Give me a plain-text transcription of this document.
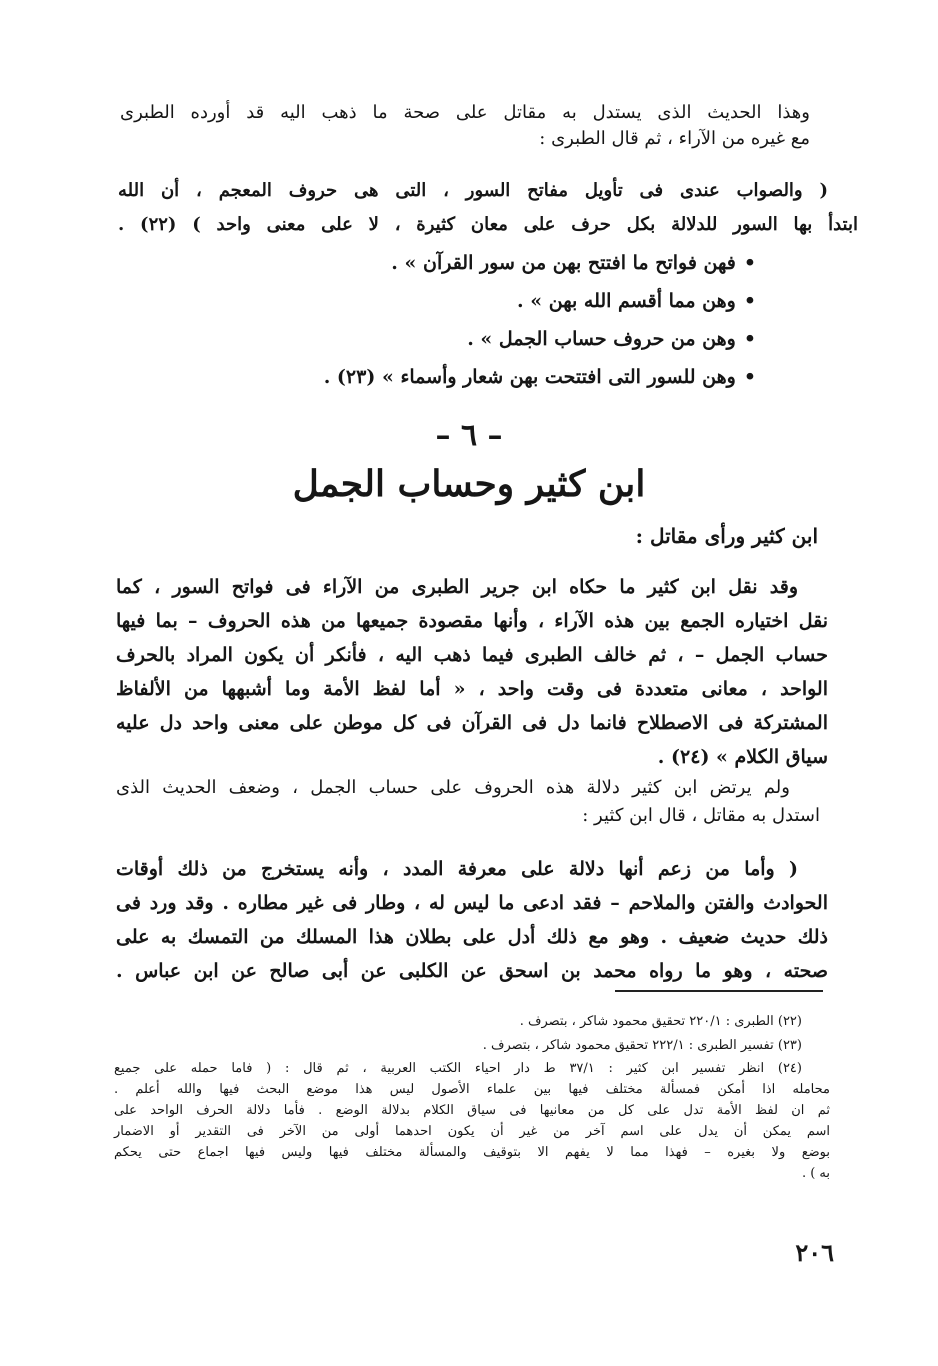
وهذا الحديث الذى يستدل به مقاتل على صحة ما ذهب اليه قد أورده الطبرى
مع غيره من الآراء ، ثم قال الطبرى :
( والصواب عندى فى تأويل مفاتح السور ، التى هى حروف المعجم ، أن الله
ابتدأ بها السور للدلالة بكل حرف على معان كثيرة ، لا على معنى واحد ) (٢٢) .
•فهن فواتح ما افتتح بهن من سور القرآن » .
•وهن مما أقسم الله بهن » .
•وهن من حروف حساب الجمل » .
•وهن للسور التى افتتحت بهن شعار وأسماء » (٢٣) .
– ٦ –
ابن كثير وحساب الجمل
ابن كثير ورأى مقاتل :
وقد نقل ابن كثير ما حكاه ابن جرير الطبرى من الآراء فى فواتح السور ، كما
نقل اختياره الجمع بين هذه الآراء ، وأنها مقصودة جميعها من هذه الحروف – بما فيها
حساب الجمل – ، ثم خالف الطبرى فيما ذهب اليه ، فأنكر أن يكون المراد بالحرف
الواحد ، معانى متعددة فى وقت واحد ، « أما لفظ الأمة وما أشبهها من الألفاظ
المشتركة فى الاصطلاح فانما دل فى القرآن فى كل موطن على معنى واحد دل عليه
سياق الكلام » (٢٤) .
ولم يرتض ابن كثير دلالة هذه الحروف على حساب الجمل ، وضعف الحديث الذى
استدل به مقاتل ، قال ابن كثير :
( وأما من زعم أنها دلالة على معرفة المدد ، وأنه يستخرج من ذلك أوقات
الحوادث والفتن والملاحم – فقد ادعى ما ليس له ، وطار فى غير مطاره . وقد ورد فى
ذلك حديث ضعيف . وهو مع ذلك أدل على بطلان هذا المسلك من التمسك به على
صحته ، وهو ما رواه محمد بن اسحق عن الكلبى عن أبى صالح عن ابن عباس .
(٢٢) الطبرى : ٢٢٠/١ تحقيق محمود شاكر ، بتصرف .
(٢٣) تفسير الطبرى : ٢٢٢/١ تحقيق محمود شاكر ، بتصرف .
(٢٤) انظر تفسير ابن كثير : ٣٧/١ ط دار احياء الكتب العربية ، ثم قال : ( فاما حمله على جميع
محامله اذا أمكن فمسألة مختلف فيها بين علماء الأصول ليس هذا موضع البحث فيها والله أعلم .
ثم ان لفظ الأمة تدل على كل من معانيها فى سياق الكلام بدلالة الوضع . فأما دلالة الحرف الواحد على
اسم يمكن أن يدل على اسم آخر من غير أن يكون احدهما أولى من الآخر فى التقدير أو الاضمار
بوضع ولا بغيره – فهذا مما لا يفهم الا بتوقيف والمسألة مختلف فيها وليس فيها اجماع حتى يحكم
به ) .
٢٠٦
